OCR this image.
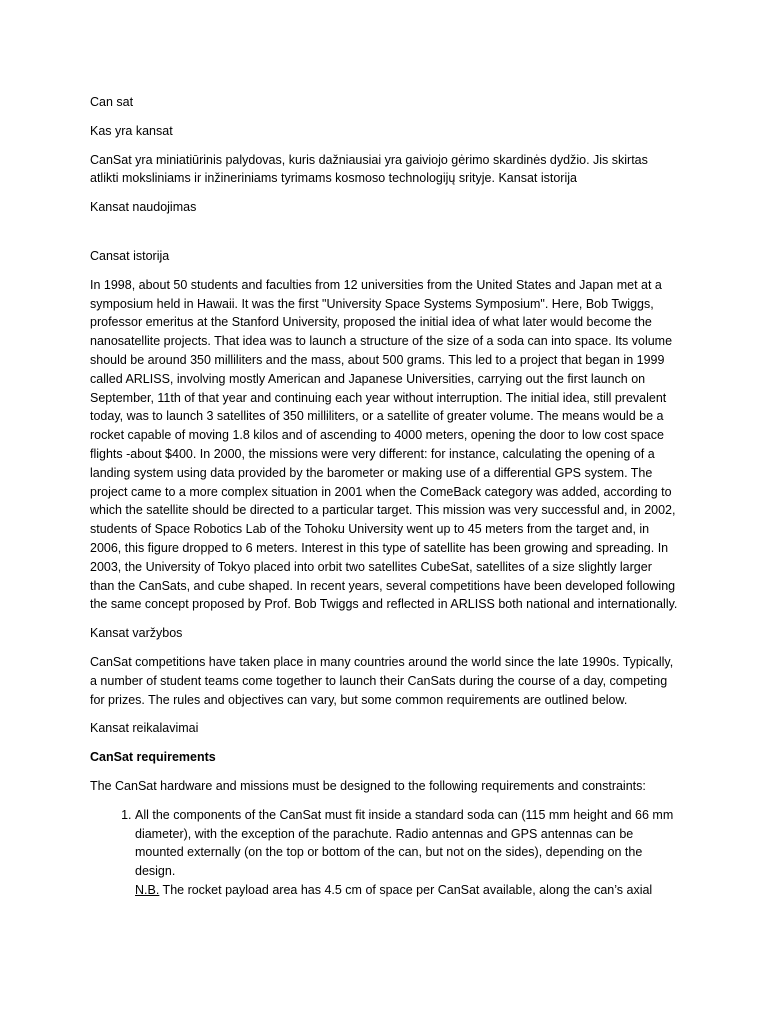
Can sat

Kas yra kansat

CanSat yra miniatiūrinis palydovas, kuris dažniausiai yra gaiviojo gėrimo skardinės dydžio. Jis skirtas atlikti moksliniams ir inžineriniams tyrimams kosmoso technologijų srityje. Kansat istorija

Kansat naudojimas

Cansat istorija

In 1998, about 50 students and faculties from 12 universities from the United States and Japan met at a symposium held in Hawaii. It was the first "University Space Systems Symposium". Here, Bob Twiggs, professor emeritus at the Stanford University, proposed the initial idea of what later would become the nanosatellite projects. That idea was to launch a structure of the size of a soda can into space. Its volume should be around 350 milliliters and the mass, about 500 grams. This led to a project that began in 1999 called ARLISS, involving mostly American and Japanese Universities, carrying out the first launch on September, 11th of that year and continuing each year without interruption. The initial idea, still prevalent today, was to launch 3 satellites of 350 milliliters, or a satellite of greater volume. The means would be a rocket capable of moving 1.8 kilos and of ascending to 4000 meters, opening the door to low cost space flights -about $400. In 2000, the missions were very different: for instance, calculating the opening of a landing system using data provided by the barometer or making use of a differential GPS system. The project came to a more complex situation in 2001 when the ComeBack category was added, according to which the satellite should be directed to a particular target. This mission was very successful and, in 2002, students of Space Robotics Lab of the Tohoku University went up to 45 meters from the target and, in 2006, this figure dropped to 6 meters. Interest in this type of satellite has been growing and spreading. In 2003, the University of Tokyo placed into orbit two satellites CubeSat, satellites of a size slightly larger than the CanSats, and cube shaped. In recent years, several competitions have been developed following the same concept proposed by Prof. Bob Twiggs and reflected in ARLISS both national and internationally.

Kansat varžybos

CanSat competitions have taken place in many countries around the world since the late 1990s. Typically, a number of student teams come together to launch their CanSats during the course of a day, competing for prizes. The rules and objectives can vary, but some common requirements are outlined below.

Kansat reikalavimai

CanSat requirements

The CanSat hardware and missions must be designed to the following requirements and constraints:

1. All the components of the CanSat must fit inside a standard soda can (115 mm height and 66 mm diameter), with the exception of the parachute. Radio antennas and GPS antennas can be mounted externally (on the top or bottom of the can, but not on the sides), depending on the design.
N.B. The rocket payload area has 4.5 cm of space per CanSat available, along the can’s axial
